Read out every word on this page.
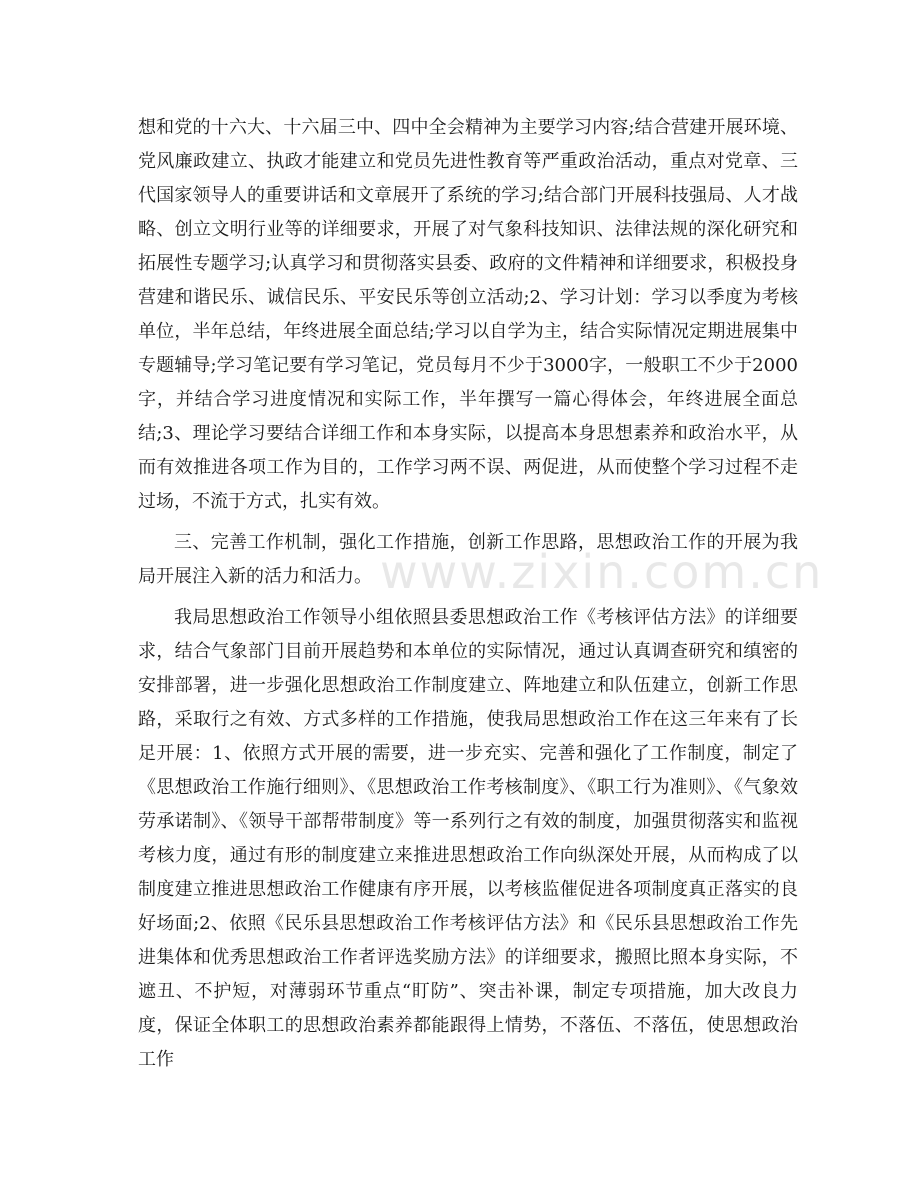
想和党的十六大、十六届三中、四中全会精神为主要学习内容;结合营建开展环境、党风廉政建立、执政才能建立和党员先进性教育等严重政治活动，重点对党章、三代国家领导人的重要讲话和文章展开了系统的学习;结合部门开展科技强局、人才战略、创立文明行业等的详细要求，开展了对气象科技知识、法律法规的深化研究和拓展性专题学习;认真学习和贯彻落实县委、政府的文件精神和详细要求，积极投身营建和谐民乐、诚信民乐、平安民乐等创立活动;2、学习计划：学习以季度为考核单位，半年总结，年终进展全面总结;学习以自学为主，结合实际情况定期进展集中专题辅导;学习笔记要有学习笔记，党员每月不少于3000字，一般职工不少于2000字，并结合学习进度情况和实际工作，半年撰写一篇心得体会，年终进展全面总结;3、理论学习要结合详细工作和本身实际，以提高本身思想素养和政治水平，从而有效推进各项工作为目的，工作学习两不误、两促进，从而使整个学习过程不走过场，不流于方式，扎实有效。

三、完善工作机制，强化工作措施，创新工作思路，思想政治工作的开展为我局开展注入新的活力和活力。

我局思想政治工作领导小组依照县委思想政治工作《考核评估方法》的详细要求，结合气象部门目前开展趋势和本单位的实际情况，通过认真调查研究和缜密的安排部署，进一步强化思想政治工作制度建立、阵地建立和队伍建立，创新工作思路，采取行之有效、方式多样的工作措施，使我局思想政治工作在这三年来有了长足开展：1、依照方式开展的需要，进一步充实、完善和强化了工作制度，制定了《思想政治工作施行细则》、《思想政治工作考核制度》、《职工行为准则》、《气象效劳承诺制》、《领导干部帮带制度》等一系列行之有效的制度，加强贯彻落实和监视考核力度，通过有形的制度建立来推进思想政治工作向纵深处开展，从而构成了以制度建立推进思想政治工作健康有序开展，以考核监催促进各项制度真正落实的良好场面;2、依照《民乐县思想政治工作考核评估方法》和《民乐县思想政治工作先进集体和优秀思想政治工作者评选奖励方法》的详细要求，搬照比照本身实际，不遮丑、不护短，对薄弱环节重点“盯防”、突击补课，制定专项措施，加大改良力度，保证全体职工的思想政治素养都能跟得上情势，不落伍、不落伍，使思想政治工作

www.zixin.com.cn
